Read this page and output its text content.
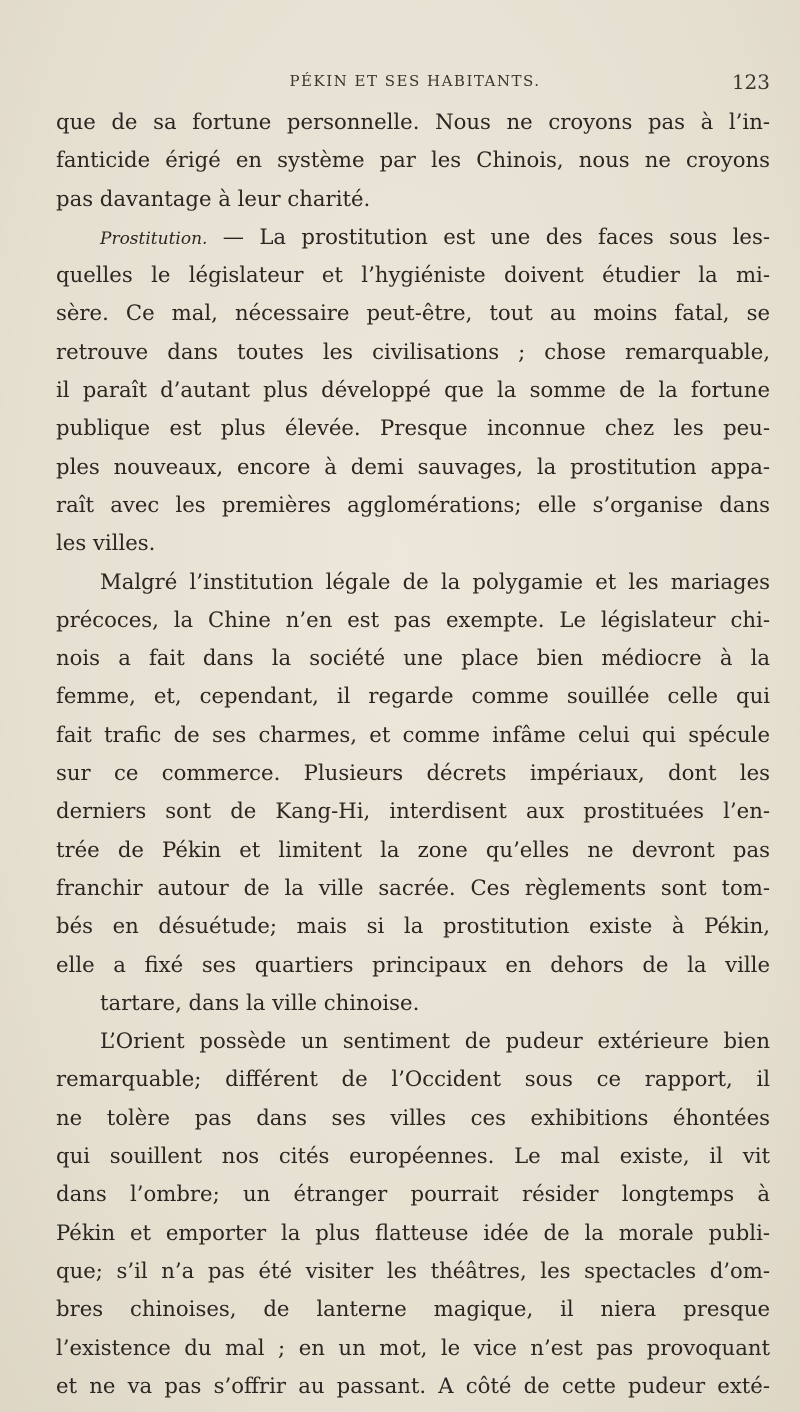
PÉKIN ET SES HABITANTS.	123
que de sa fortune personnelle. Nous ne croyons pas à l’in-
fanticide érigé en système par les Chinois, nous ne croyons
pas davantage à leur charité.
Prostitution. — La prostitution est une des faces sous les-
quelles le législateur et l’hygiéniste doivent étudier la mi-
sère. Ce mal, nécessaire peut-être, tout au moins fatal, se
retrouve dans toutes les civilisations ; chose remarquable,
il paraît d’autant plus développé que la somme de la fortune
publique est plus élevée. Presque inconnue chez les peu-
ples nouveaux, encore à demi sauvages, la prostitution appa-
raît avec les premières agglomérations; elle s’organise dans
les villes.
Malgré l’institution légale de la polygamie et les mariages
précoces, la Chine n’en est pas exempte. Le législateur chi-
nois a fait dans la société une place bien médiocre à la
femme, et, cependant, il regarde comme souillée celle qui
fait trafic de ses charmes, et comme infâme celui qui spécule
sur ce commerce. Plusieurs décrets impériaux, dont les
derniers sont de Kang-Hi, interdisent aux prostituées l’en-
trée de Pékin et limitent la zone qu’elles ne devront pas
franchir autour de la ville sacrée. Ces règlements sont tom-
bés en désuétude; mais si la prostitution existe à Pékin,
elle a fixé ses quartiers principaux en dehors de la ville
tartare, dans la ville chinoise.
L’Orient possède un sentiment de pudeur extérieure bien
remarquable; différent de l’Occident sous ce rapport, il
ne tolère pas dans ses villes ces exhibitions éhontées
qui souillent nos cités européennes. Le mal existe, il vit
dans l’ombre; un étranger pourrait résider longtemps à
Pékin et emporter la plus flatteuse idée de la morale publi-
que; s’il n’a pas été visiter les théâtres, les spectacles d’om-
bres chinoises, de lanterne magique, il niera presque
l’existence du mal ; en un mot, le vice n’est pas provoquant
et ne va pas s’offrir au passant. A côté de cette pudeur exté-
